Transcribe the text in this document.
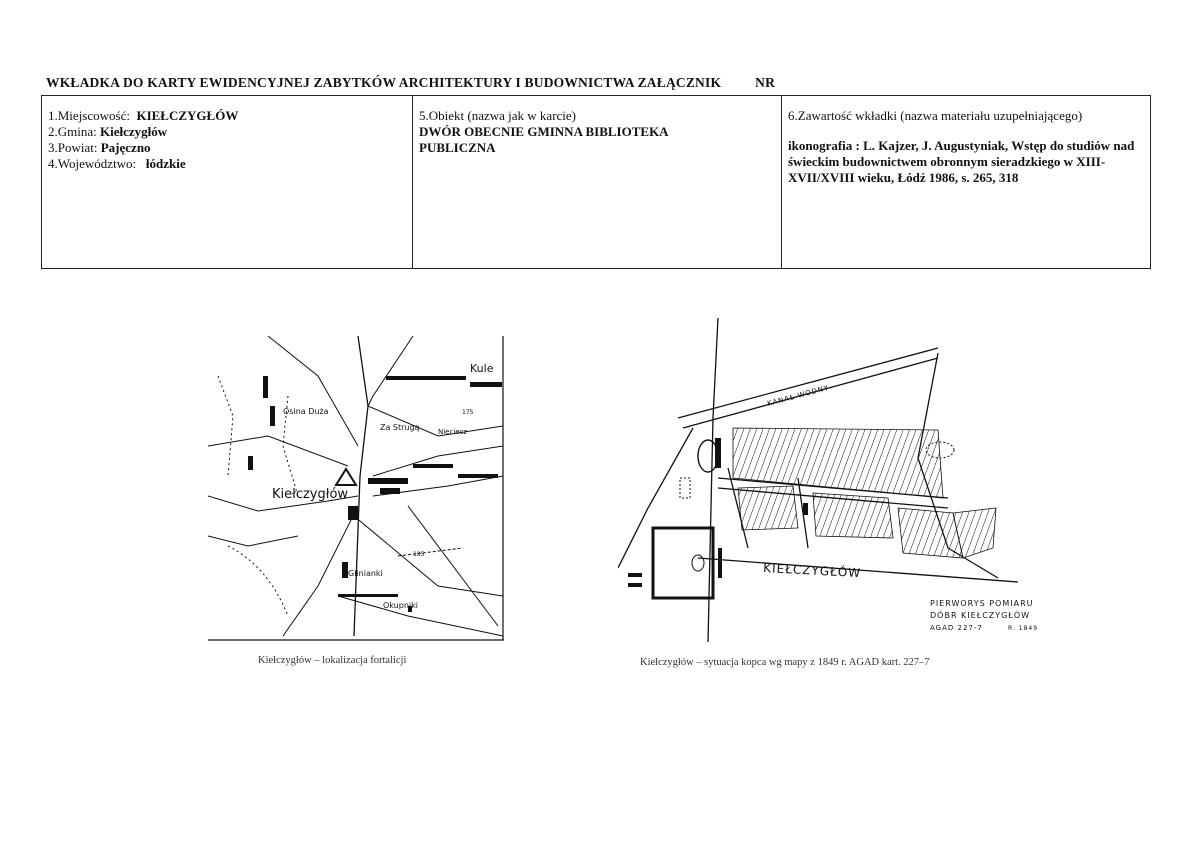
WKŁADKA DO KARTY EWIDENCYJNEJ ZABYTKÓW ARCHITEKTURY I BUDOWNICTWA ZAŁĄCZNIK	NR
1.Miejscowość: KIEŁCZYGŁÓW
2.Gmina: Kiełczygłów
3.Powiat: Pajęczno
4.Województwo: łódzkie

5.Obiekt (nazwa jak w karcie)
DWÓR OBECNIE GMINNA BIBLIOTEKA PUBLICZNA

6.Zawartość wkładki (nazwa materiału uzupełniającego)
ikonografia : L. Kajzer, J. Augustyniak, Wstęp do studiów nad świeckim budownictwem obronnym sieradzkiego w XIII-XVII/XVIII wieku, Łódź 1986, s. 265, 318
Kule
Osina Duża
Za Strugą	Nieciecz
175
Kiełczygłów
Glinianki
185
Okupniki
Kiełczygłów – lokalizacja fortalicji
KANAŁ WODNY
KIEŁCZYGŁÓW
PIERWORYS POMIARU
DÓBR KIEŁCZYGŁÓW
AGAD 227-7	R. 1849
Kiełczygłów – sytuacja kopca wg mapy z 1849 r. AGAD kart. 227–7
